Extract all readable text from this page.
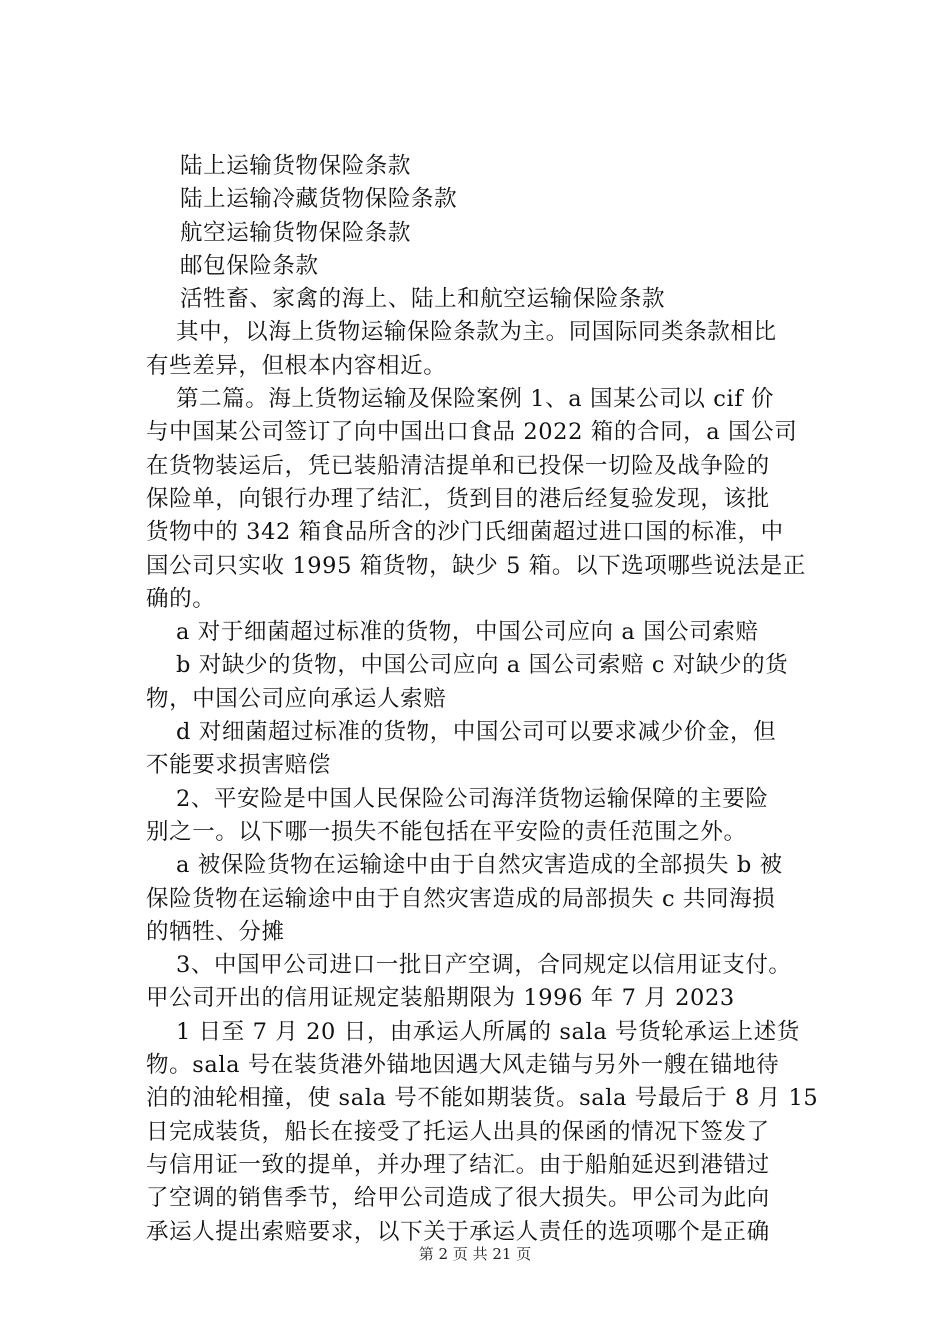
陆上运输货物保险条款
陆上运输冷藏货物保险条款
航空运输货物保险条款
邮包保险条款
活牲畜、家禽的海上、陆上和航空运输保险条款
其中，以海上货物运输保险条款为主。同国际同类条款相比
有些差异，但根本内容相近。
第二篇。海上货物运输及保险案例 1、a 国某公司以 cif 价
与中国某公司签订了向中国出口食品 2022 箱的合同，a 国公司
在货物装运后，凭已装船清洁提单和已投保一切险及战争险的
保险单，向银行办理了结汇，货到目的港后经复验发现，该批
货物中的 342 箱食品所含的沙门氏细菌超过进口国的标准，中
国公司只实收 1995 箱货物，缺少 5 箱。以下选项哪些说法是正
确的。
a 对于细菌超过标准的货物，中国公司应向 a 国公司索赔
b 对缺少的货物，中国公司应向 a 国公司索赔 c 对缺少的货
物，中国公司应向承运人索赔
d 对细菌超过标准的货物，中国公司可以要求减少价金，但
不能要求损害赔偿
2、平安险是中国人民保险公司海洋货物运输保障的主要险
别之一。以下哪一损失不能包括在平安险的责任范围之外。
a 被保险货物在运输途中由于自然灾害造成的全部损失 b 被
保险货物在运输途中由于自然灾害造成的局部损失 c 共同海损
的牺牲、分摊
3、中国甲公司进口一批日产空调，合同规定以信用证支付。
甲公司开出的信用证规定装船期限为 1996 年 7 月 2023
1 日至 7 月 20 日，由承运人所属的 sala 号货轮承运上述货
物。sala 号在装货港外锚地因遇大风走锚与另外一艘在锚地待
泊的油轮相撞，使 sala 号不能如期装货。sala 号最后于 8 月 15
日完成装货，船长在接受了托运人出具的保函的情况下签发了
与信用证一致的提单，并办理了结汇。由于船舶延迟到港错过
了空调的销售季节，给甲公司造成了很大损失。甲公司为此向
承运人提出索赔要求，以下关于承运人责任的选项哪个是正确
第 2 页 共 21 页
